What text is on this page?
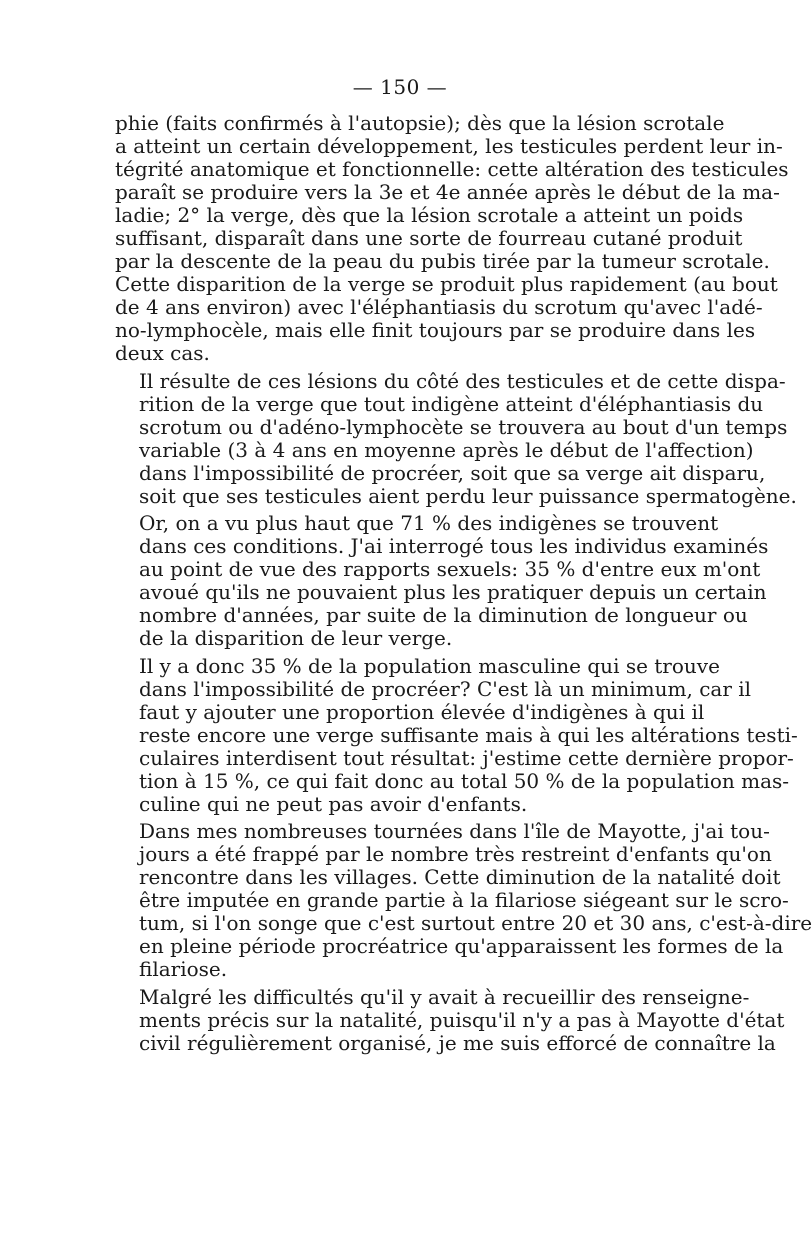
— 150 —

phie (faits confirmés à l'autopsie); dès que la lésion scrotale
a atteint un certain développement, les testicules perdent leur in-
tégrité anatomique et fonctionnelle: cette altération des testicules
paraît se produire vers la 3e et 4e année après le début de la ma-
ladie; 2° la verge, dès que la lésion scrotale a atteint un poids
suffisant, disparaît dans une sorte de fourreau cutané produit
par la descente de la peau du pubis tirée par la tumeur scrotale.
Cette disparition de la verge se produit plus rapidement (au bout
de 4 ans environ) avec l'éléphantiasis du scrotum qu'avec l'adé-
no-lymphocèle, mais elle finit toujours par se produire dans les
deux cas.

Il résulte de ces lésions du côté des testicules et de cette dispa-
rition de la verge que tout indigène atteint d'éléphantiasis du
scrotum ou d'adéno-lymphocète se trouvera au bout d'un temps
variable (3 à 4 ans en moyenne après le début de l'affection)
dans l'impossibilité de procréer, soit que sa verge ait disparu,
soit que ses testicules aient perdu leur puissance spermatogène.

Or, on a vu plus haut que 71 % des indigènes se trouvent
dans ces conditions. J'ai interrogé tous les individus examinés
au point de vue des rapports sexuels: 35 % d'entre eux m'ont
avoué qu'ils ne pouvaient plus les pratiquer depuis un certain
nombre d'années, par suite de la diminution de longueur ou
de la disparition de leur verge.

Il y a donc 35 % de la population masculine qui se trouve
dans l'impossibilité de procréer? C'est là un minimum, car il
faut y ajouter une proportion élevée d'indigènes à qui il
reste encore une verge suffisante mais à qui les altérations testi-
culaires interdisent tout résultat: j'estime cette dernière propor-
tion à 15 %, ce qui fait donc au total 50 % de la population mas-
culine qui ne peut pas avoir d'enfants.

Dans mes nombreuses tournées dans l'île de Mayotte, j'ai tou-
jours a été frappé par le nombre très restreint d'enfants qu'on
rencontre dans les villages. Cette diminution de la natalité doit
être imputée en grande partie à la filariose siégeant sur le scro-
tum, si l'on songe que c'est surtout entre 20 et 30 ans, c'est-à-dire
en pleine période procréatrice qu'apparaissent les formes de la
filariose.

Malgré les difficultés qu'il y avait à recueillir des renseigne-
ments précis sur la natalité, puisqu'il n'y a pas à Mayotte d'état
civil régulièrement organisé, je me suis efforcé de connaître la
